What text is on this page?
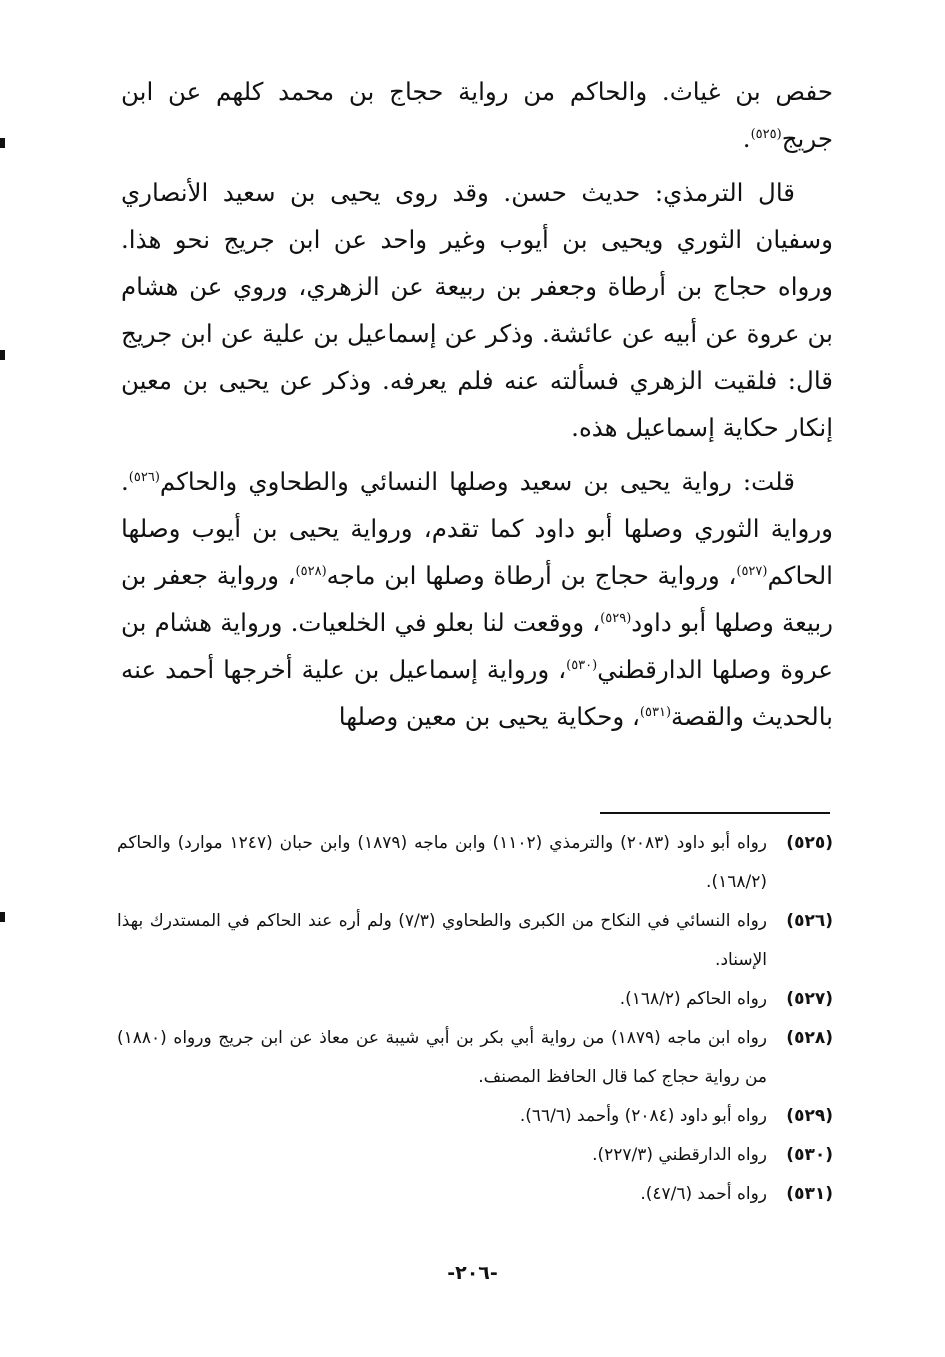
حفص بن غياث. والحاكم من رواية حجاج بن محمد كلهم عن ابن جريج$^{(٥٢٥)}$.

قال الترمذي: حديث حسن. وقد روى يحيى بن سعيد الأنصاري وسفيان الثوري ويحيى بن أيوب وغير واحد عن ابن جريج نحو هذا. ورواه حجاج بن أرطاة وجعفر بن ربيعة عن الزهري، وروي عن هشام بن عروة عن أبيه عن عائشة. وذكر عن إسماعيل بن علية عن ابن جريج قال: فلقيت الزهري فسألته عنه فلم يعرفه. وذكر عن يحيى بن معين إنكار حكاية إسماعيل هذه.

قلت: رواية يحيى بن سعيد وصلها النسائي والطحاوي والحاكم$^{(٥٢٦)}$. ورواية الثوري وصلها أبو داود كما تقدم، ورواية يحيى بن أيوب وصلها الحاكم$^{(٥٢٧)}$، ورواية حجاج بن أرطاة وصلها ابن ماجه$^{(٥٢٨)}$، ورواية جعفر بن ربيعة وصلها أبو داود$^{(٥٢٩)}$، ووقعت لنا بعلو في الخلعيات. ورواية هشام بن عروة وصلها الدارقطني$^{(٥٣٠)}$، ورواية إسماعيل بن علية أخرجها أحمد عنه بالحديث والقصة$^{(٥٣١)}$، وحكاية يحيى بن معين وصلها

(٥٢٥)
رواه أبو داود (٢٠٨٣) والترمذي (١١٠٢) وابن ماجه (١٨٧٩) وابن حبان (١٢٤٧ موارد) والحاكم (١٦٨/٢).
(٥٢٦)
رواه النسائي في النكاح من الكبرى والطحاوي (٧/٣) ولم أره عند الحاكم في المستدرك بهذا الإسناد.
(٥٢٧)
رواه الحاكم (١٦٨/٢).
(٥٢٨)
رواه ابن ماجه (١٨٧٩) من رواية أبي بكر بن أبي شيبة عن معاذ عن ابن جريج ورواه (١٨٨٠) من رواية حجاج كما قال الحافظ المصنف.
(٥٢٩)
رواه أبو داود (٢٠٨٤) وأحمد (٦٦/٦).
(٥٣٠)
رواه الدارقطني (٢٢٧/٣).
(٥٣١)
رواه أحمد (٤٧/٦).
-٢٠٦-
